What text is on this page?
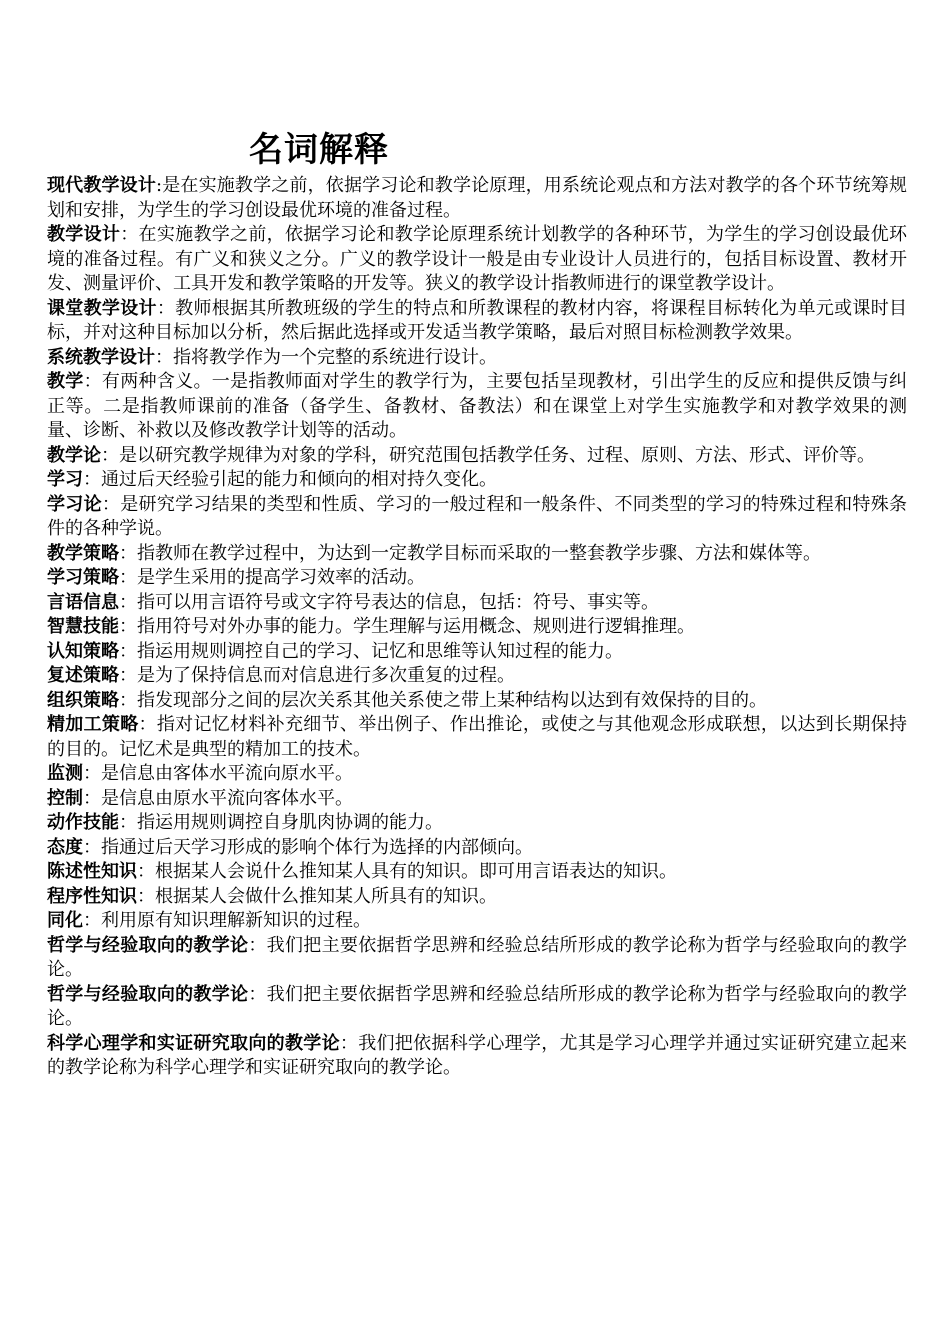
名词解释
现代教学设计:是在实施教学之前，依据学习论和教学论原理，用系统论观点和方法对教学的各个环节统筹规划和安排，为学生的学习创设最优环境的准备过程。
教学设计：在实施教学之前，依据学习论和教学论原理系统计划教学的各种环节，为学生的学习创设最优环境的准备过程。有广义和狭义之分。广义的教学设计一般是由专业设计人员进行的，包括目标设置、教材开发、测量评价、工具开发和教学策略的开发等。狭义的教学设计指教师进行的课堂教学设计。
课堂教学设计：教师根据其所教班级的学生的特点和所教课程的教材内容，将课程目标转化为单元或课时目标，并对这种目标加以分析，然后据此选择或开发适当教学策略，最后对照目标检测教学效果。
系统教学设计：指将教学作为一个完整的系统进行设计。
教学：有两种含义。一是指教师面对学生的教学行为，主要包括呈现教材，引出学生的反应和提供反馈与纠正等。二是指教师课前的准备（备学生、备教材、备教法）和在课堂上对学生实施教学和对教学效果的测量、诊断、补救以及修改教学计划等的活动。
教学论：是以研究教学规律为对象的学科，研究范围包括教学任务、过程、原则、方法、形式、评价等。
学习：通过后天经验引起的能力和倾向的相对持久变化。
学习论：是研究学习结果的类型和性质、学习的一般过程和一般条件、不同类型的学习的特殊过程和特殊条件的各种学说。
教学策略：指教师在教学过程中，为达到一定教学目标而采取的一整套教学步骤、方法和媒体等。
学习策略：是学生采用的提高学习效率的活动。
言语信息：指可以用言语符号或文字符号表达的信息，包括：符号、事实等。
智慧技能：指用符号对外办事的能力。学生理解与运用概念、规则进行逻辑推理。
认知策略：指运用规则调控自己的学习、记忆和思维等认知过程的能力。
复述策略：是为了保持信息而对信息进行多次重复的过程。
组织策略：指发现部分之间的层次关系其他关系使之带上某种结构以达到有效保持的目的。
精加工策略：指对记忆材料补充细节、举出例子、作出推论，或使之与其他观念形成联想，以达到长期保持的目的。记忆术是典型的精加工的技术。
监测：是信息由客体水平流向原水平。
控制：是信息由原水平流向客体水平。
动作技能：指运用规则调控自身肌肉协调的能力。
态度：指通过后天学习形成的影响个体行为选择的内部倾向。
陈述性知识：根据某人会说什么推知某人具有的知识。即可用言语表达的知识。
程序性知识：根据某人会做什么推知某人所具有的知识。
同化：利用原有知识理解新知识的过程。
哲学与经验取向的教学论：我们把主要依据哲学思辨和经验总结所形成的教学论称为哲学与经验取向的教学论。
哲学与经验取向的教学论：我们把主要依据哲学思辨和经验总结所形成的教学论称为哲学与经验取向的教学论。
科学心理学和实证研究取向的教学论：我们把依据科学心理学，尤其是学习心理学并通过实证研究建立起来的教学论称为科学心理学和实证研究取向的教学论。
